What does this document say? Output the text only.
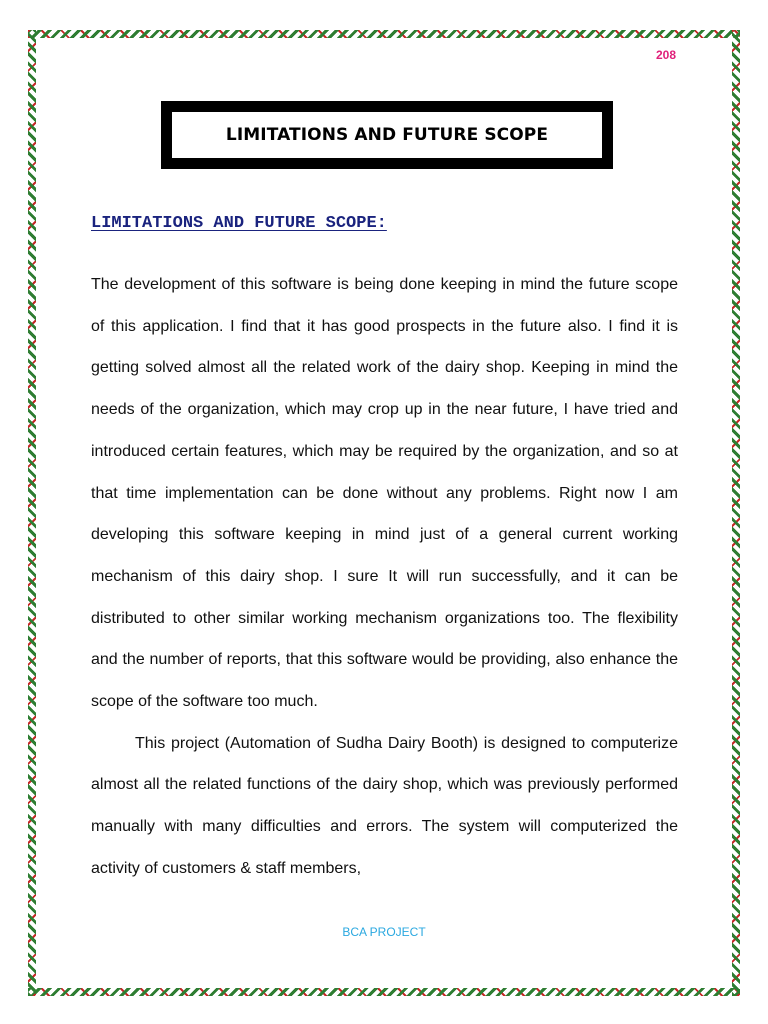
208
LIMITATIONS AND FUTURE SCOPE
LIMITATIONS AND FUTURE SCOPE:

The development of this software is being done keeping in mind the future scope of this application. I find that it has good prospects in the future also. I find it is getting solved almost all the related work of the dairy shop. Keeping in mind the needs of the organization, which may crop up in the near future, I have tried and introduced certain features, which may be required by the organization, and so at that time implementation can be done without any problems. Right now I am developing this software keeping in mind just of a general current working mechanism of this dairy shop. I sure It will run successfully, and it can be distributed to other similar working mechanism organizations too. The flexibility and the number of reports, that this software would be providing, also enhance the scope of the software too much.

This project (Automation of Sudha Dairy Booth) is designed to computerize almost all the related functions of the dairy shop, which was previously performed manually with many difficulties and errors. The system will computerized the activity of customers & staff members,

BCA PROJECT
